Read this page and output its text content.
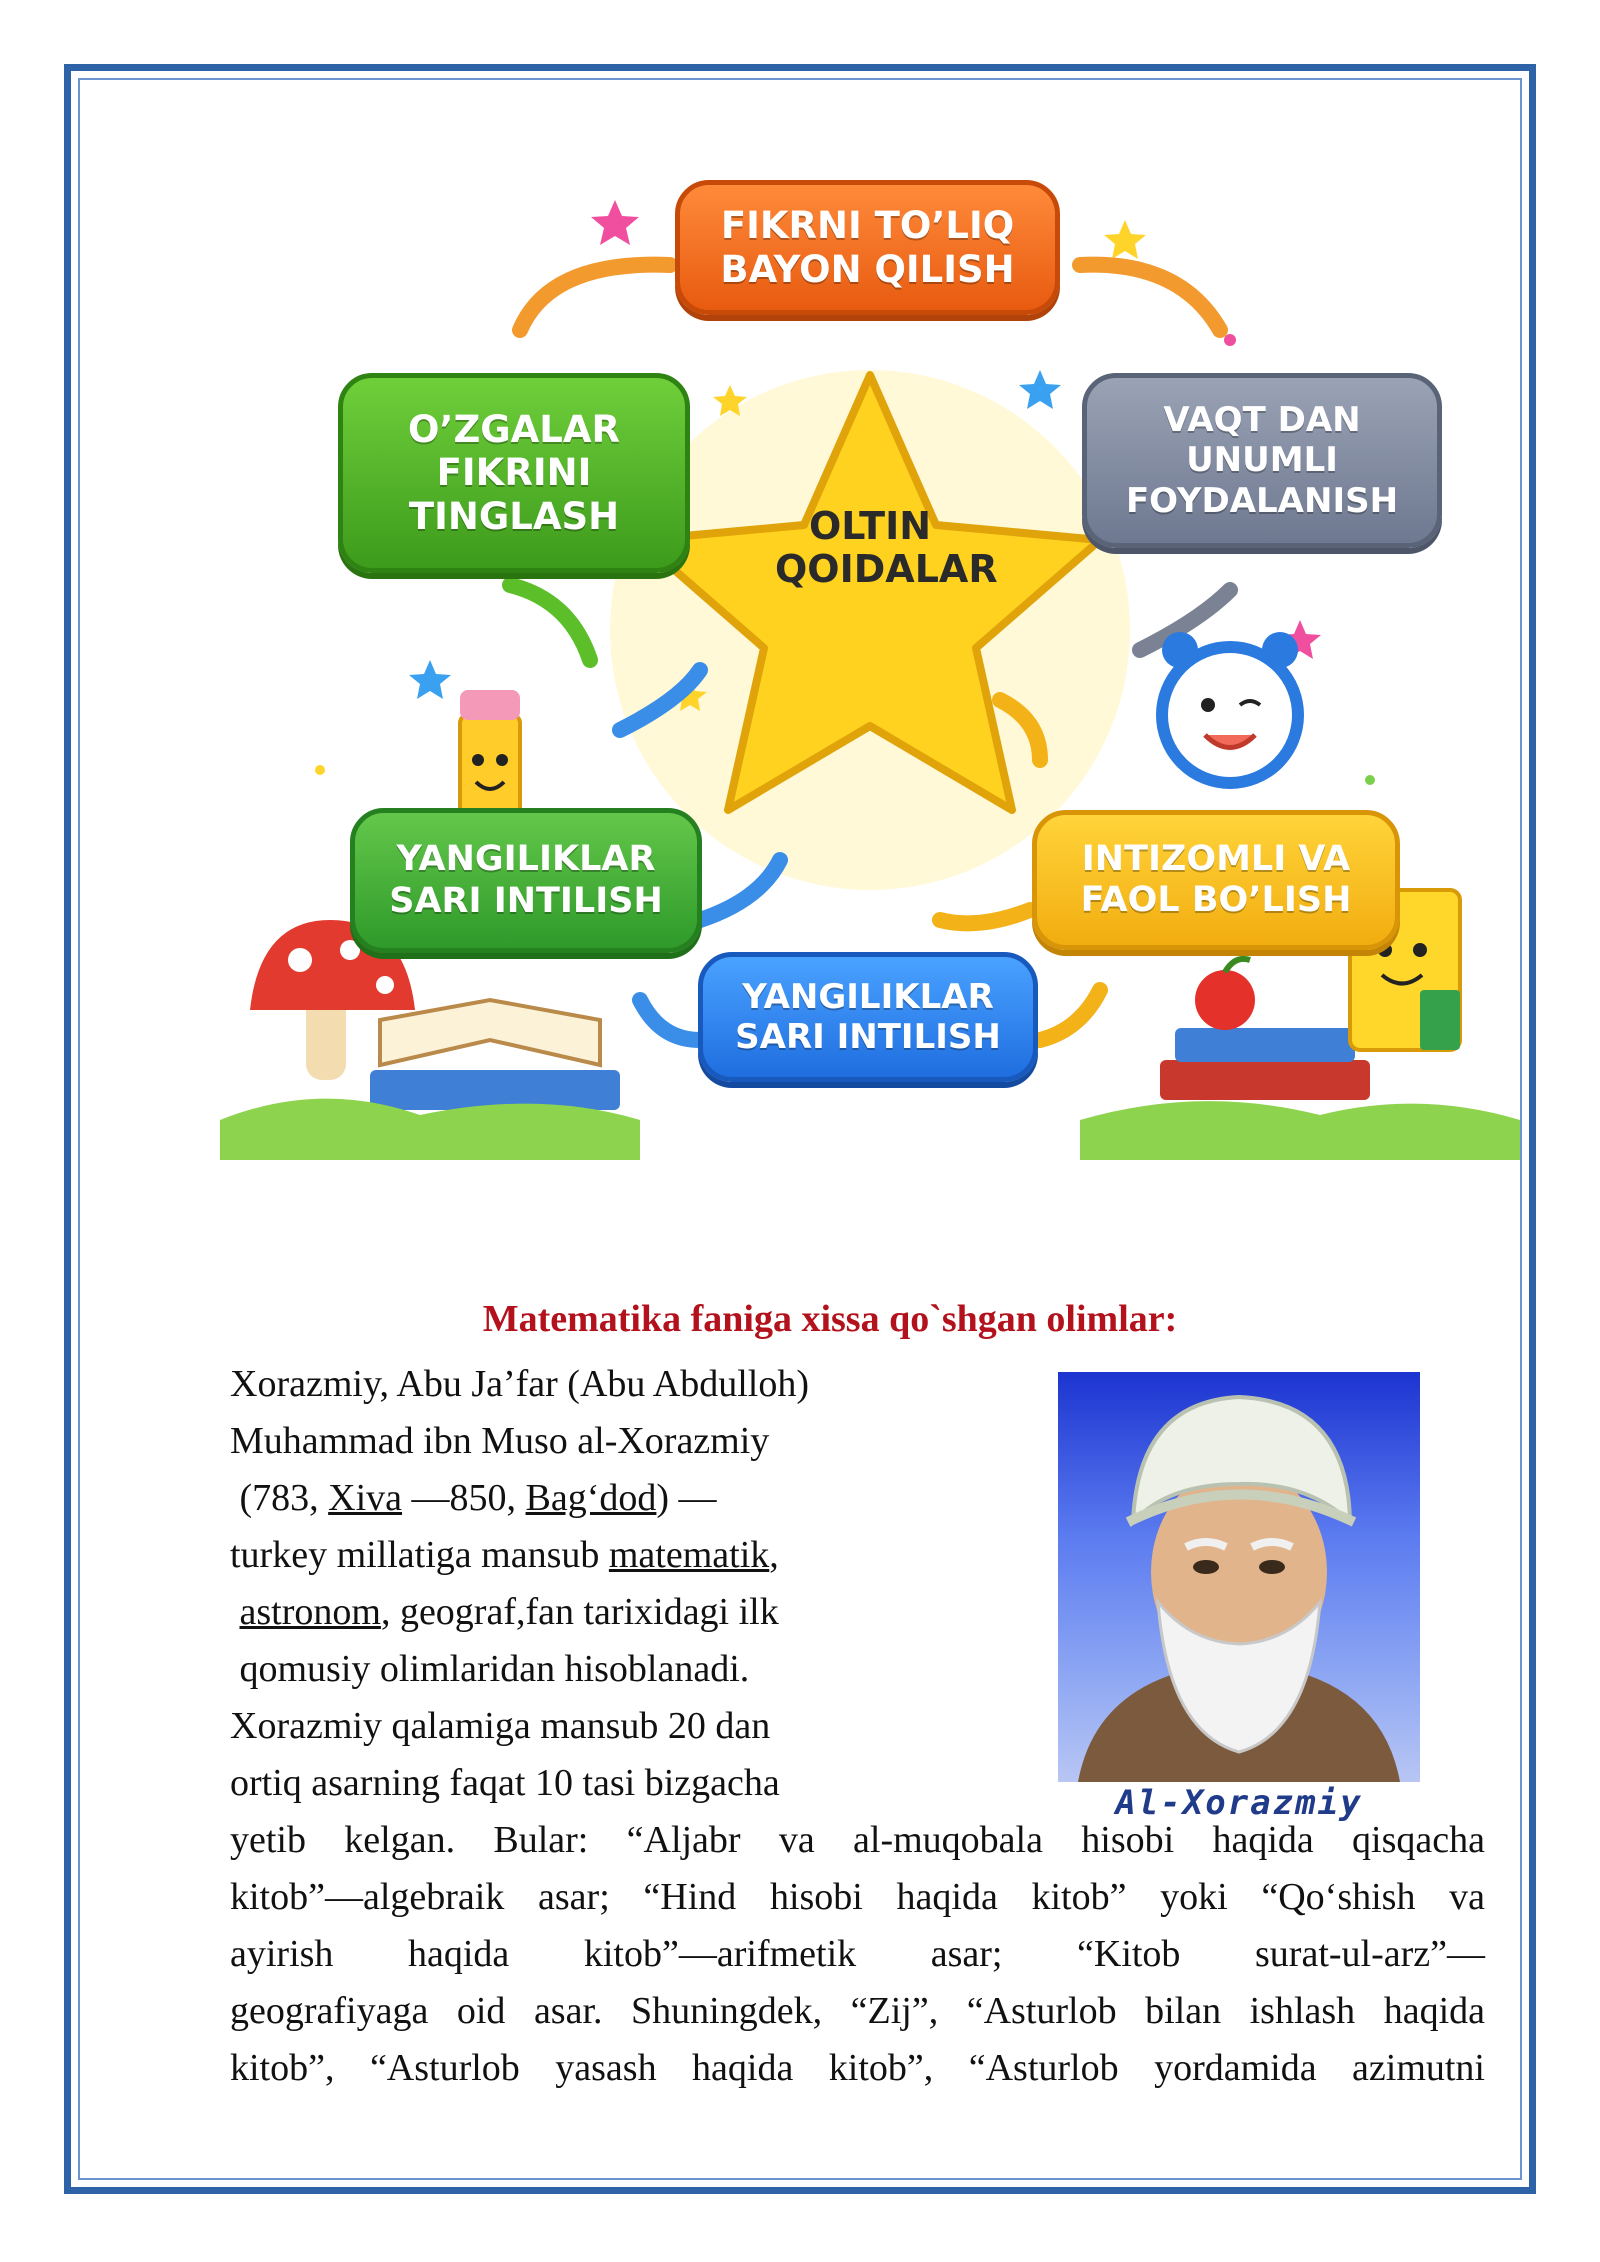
OLTIN
QOIDALAR
FIKRNI TO’LIQ
BAYON QILISH
O’ZGALAR
FIKRINI
TINGLASH
VAQT DAN
UNUMLI
FOYDALANISH
YANGILIKLAR
SARI INTILISH
INTIZOMLI VA
FAOL BO’LISH
YANGILIKLAR
SARI INTILISH

Matematika faniga xissa qo`shgan olimlar:

Xorazmiy, Abu Ja’far (Abu Abdulloh)

Muhammad ibn Muso al-Xorazmiy

(783, Xiva —850, Bag‘dod) —

turkey millatiga mansub matematik,

astronom, geograf,fan tarixidagi ilk

qomusiy olimlaridan hisoblanadi.

Xorazmiy qalamiga mansub 20 dan

ortiq asarning faqat 10 tasi bizgacha	Al-Xorazmiy

yetib kelgan. Bular: “Aljabr va al-muqobala hisobi haqida qisqacha

kitob”—algebraik asar; “Hind hisobi haqida kitob” yoki “Qo‘shish va

ayirish haqida kitob”—arifmetik asar; “Kitob surat-ul-arz”—

geografiyaga oid asar. Shuningdek, “Zij”, “Asturlob bilan ishlash haqida

kitob”, “Asturlob yasash haqida kitob”, “Asturlob yordamida azimutni
